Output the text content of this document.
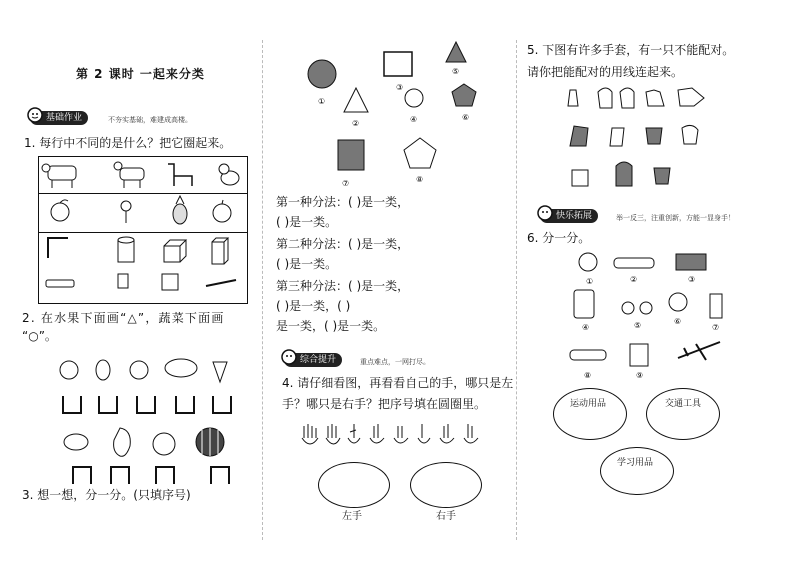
第 2 课时 一起来分类
基础作业	不夯实基础，难建成高楼。
1. 每行中不同的是什么？把它圈起来。
2. 在水果下面画“△”，蔬菜下面画
“○”。
3. 想一想，分一分。(只填序号)
①
②
③
④
⑤
⑥
⑦	⑧
第一种分法：( )是一类，
( )是一类。
第二种分法：( )是一类，
( )是一类。
第三种分法：( )是一类，
( )是一类，( )
是一类，( )是一类。
综合提升	重点难点，一网打尽。
4. 请仔细看图，再看看自己的手，哪只是左
手？哪只是右手？把序号填在圆圈里。
左手	右手
5. 下图有许多手套，有一只不能配对。
请你把能配对的用线连起来。
快乐拓展	举一反三，注重创新，方能一显身手！
6. 分一分。
①	②	③
④	⑤	⑥
⑦
⑧	⑨
运动用品	交通工具
学习用品
